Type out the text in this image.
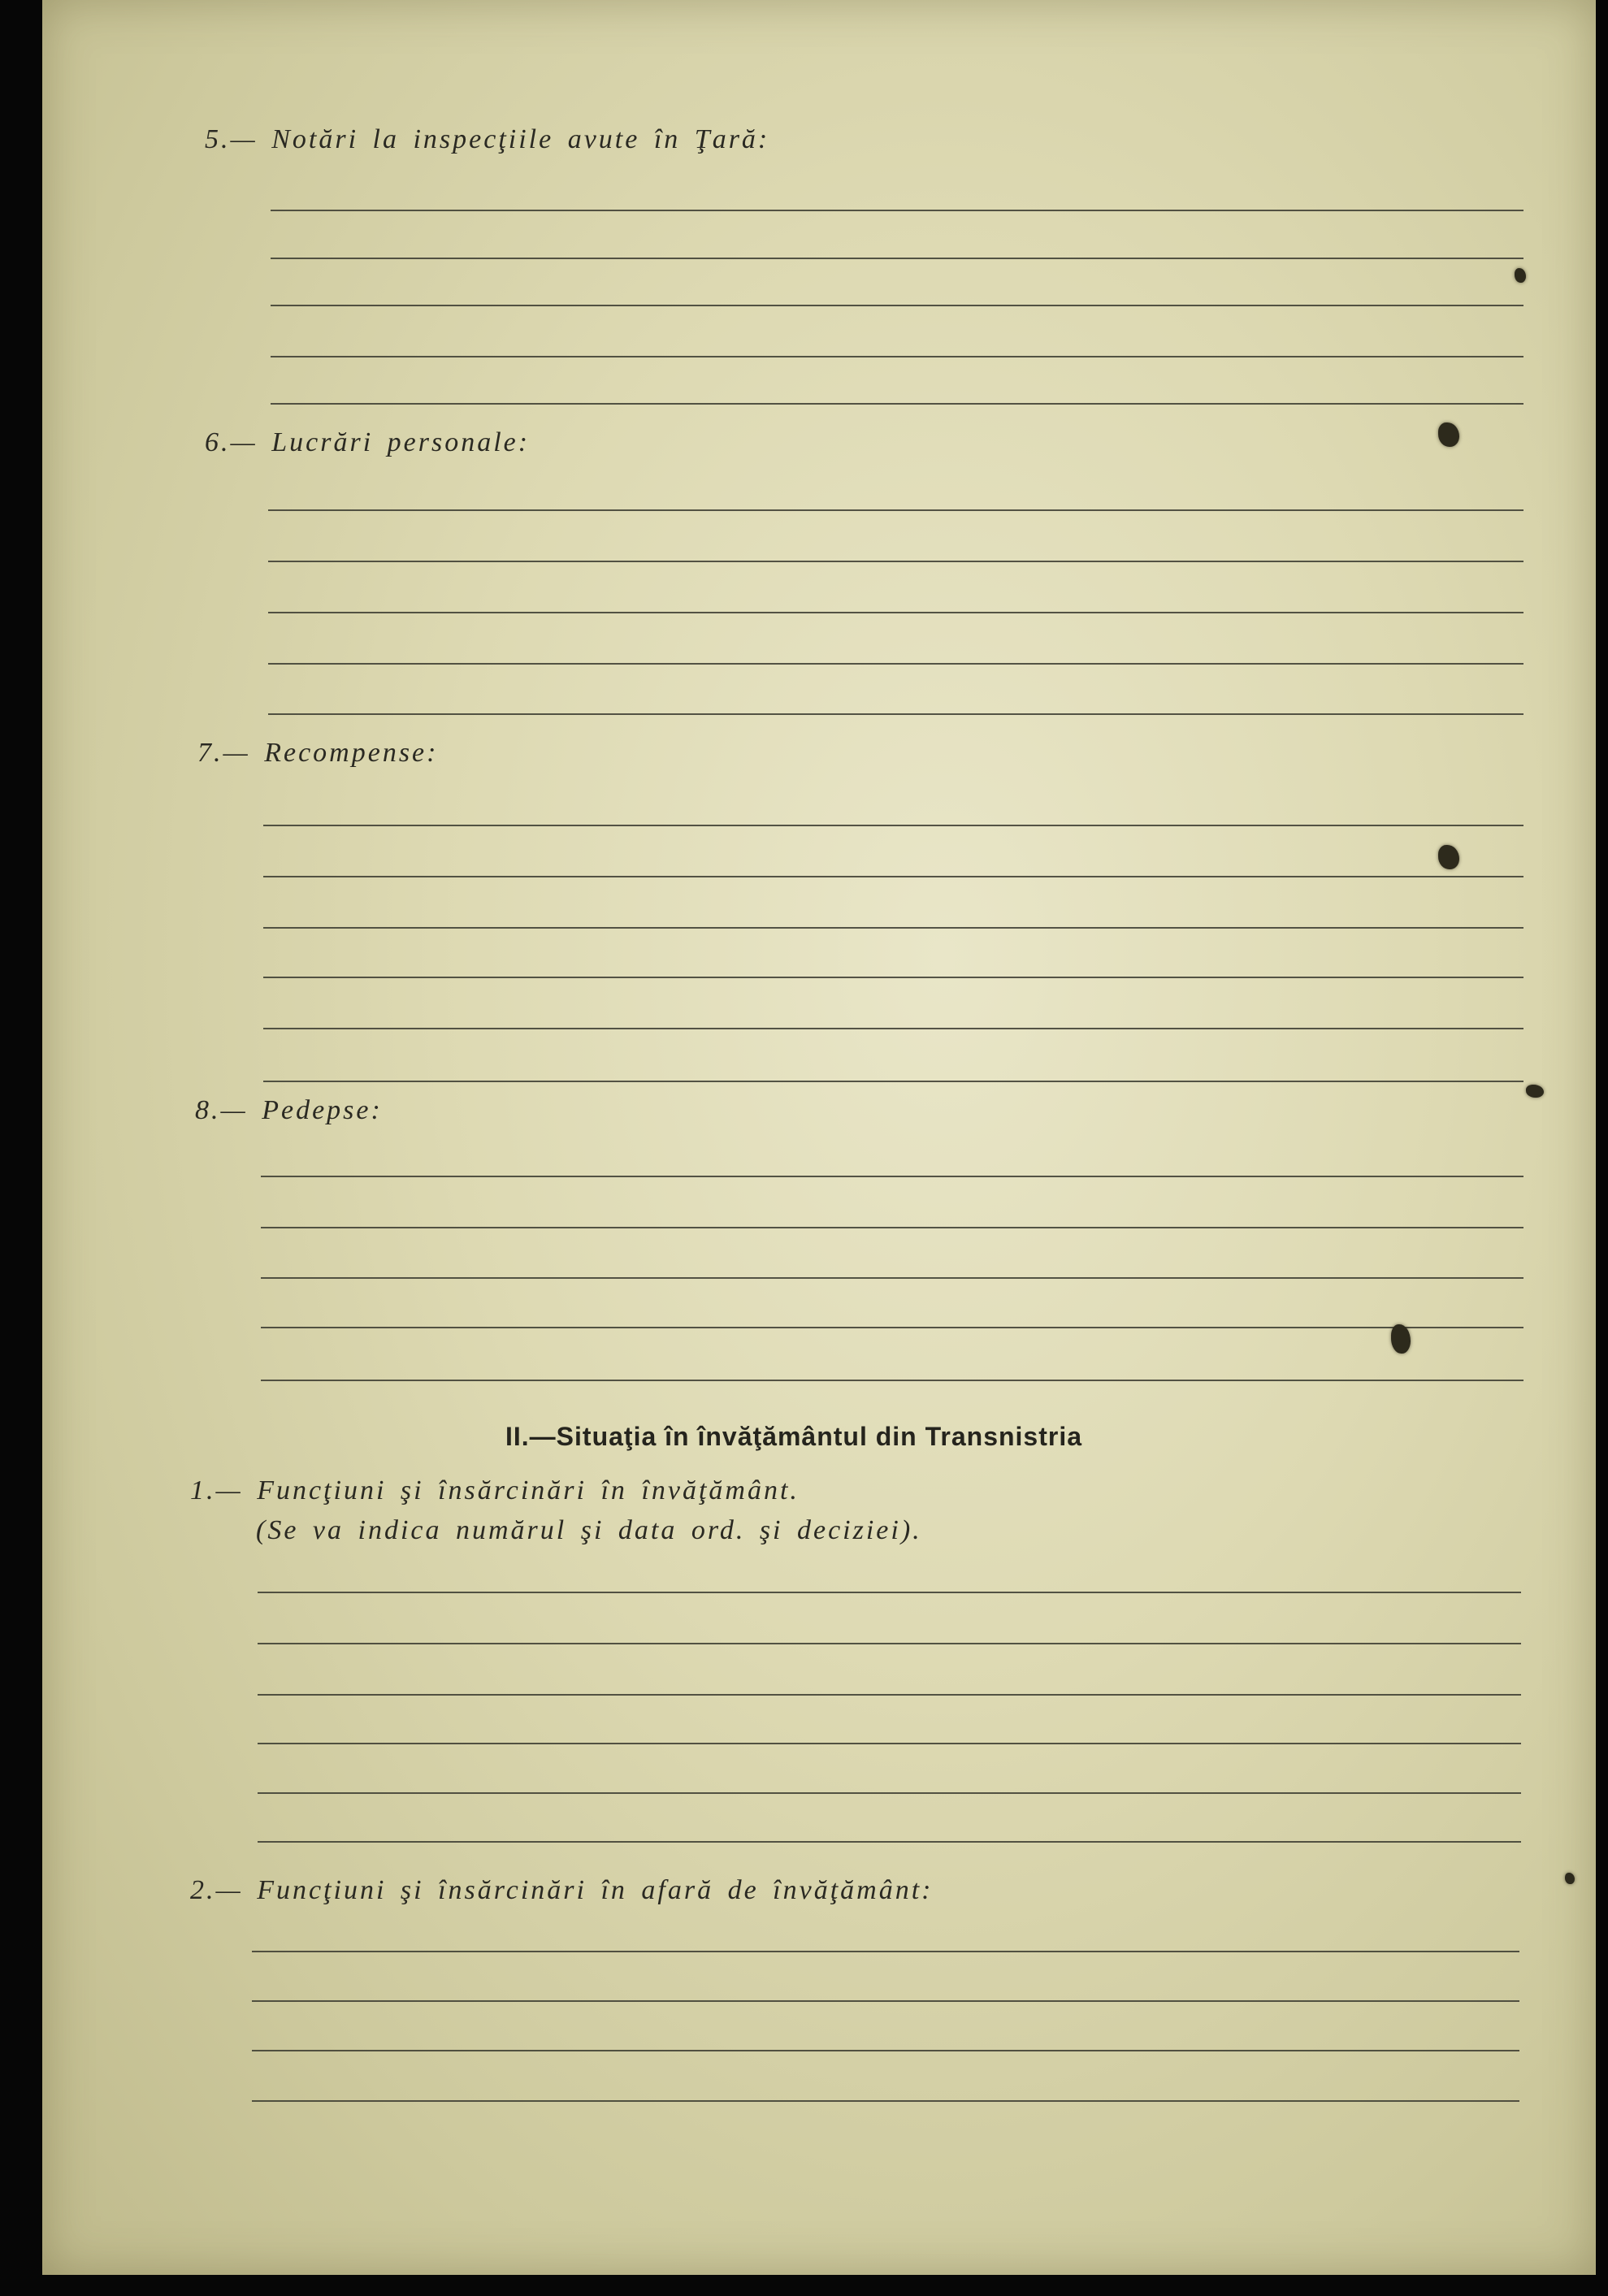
5.— Notări la inspecţiile avute în Ţară:
6.— Lucrări personale:
7.— Recompense:
8.— Pedepse:
II.—Situaţia în învăţământul din Transnistria
1.— Funcţiuni şi însărcinări în învăţământ.
(Se va indica numărul şi data ord. şi deciziei).
2.— Funcţiuni şi însărcinări în afară de învăţământ:
